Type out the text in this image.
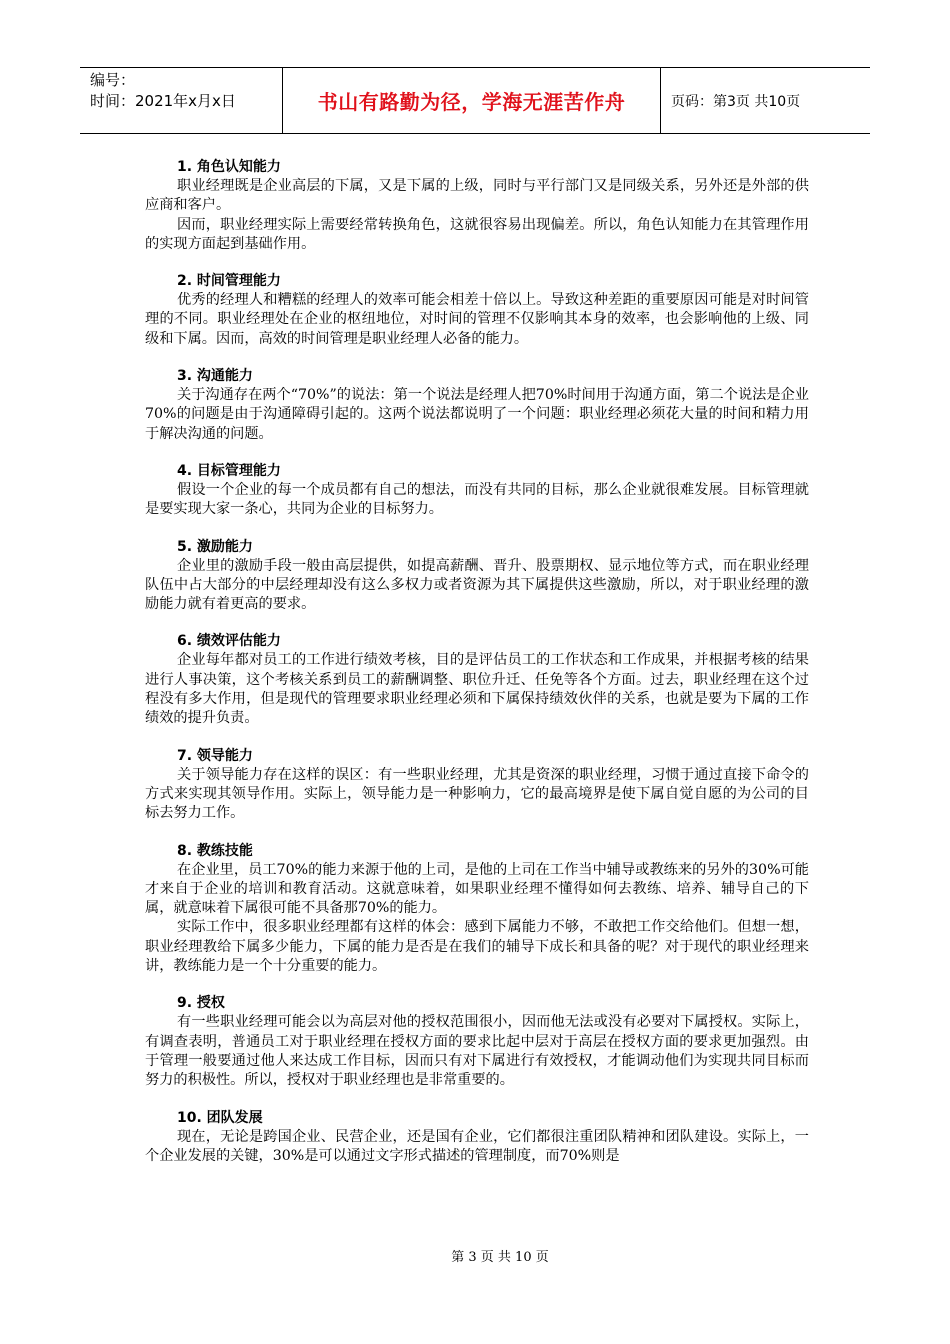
编号：
时间：2021年x月x日	书山有路勤为径，学海无涯苦作舟	页码：第3页 共10页
1. 角色认知能力

职业经理既是企业高层的下属，又是下属的上级，同时与平行部门又是同级关系，另外还是外部的供应商和客户。

因而，职业经理实际上需要经常转换角色，这就很容易出现偏差。所以，角色认知能力在其管理作用的实现方面起到基础作用。

2. 时间管理能力

优秀的经理人和糟糕的经理人的效率可能会相差十倍以上。导致这种差距的重要原因可能是对时间管理的不同。职业经理处在企业的枢纽地位，对时间的管理不仅影响其本身的效率，也会影响他的上级、同级和下属。因而，高效的时间管理是职业经理人必备的能力。

3. 沟通能力

关于沟通存在两个“70%”的说法：第一个说法是经理人把70%时间用于沟通方面，第二个说法是企业70%的问题是由于沟通障碍引起的。这两个说法都说明了一个问题：职业经理必须花大量的时间和精力用于解决沟通的问题。

4. 目标管理能力

假设一个企业的每一个成员都有自己的想法，而没有共同的目标，那么企业就很难发展。目标管理就是要实现大家一条心，共同为企业的目标努力。

5. 激励能力

企业里的激励手段一般由高层提供，如提高薪酬、晋升、股票期权、显示地位等方式，而在职业经理队伍中占大部分的中层经理却没有这么多权力或者资源为其下属提供这些激励，所以，对于职业经理的激励能力就有着更高的要求。

6. 绩效评估能力

企业每年都对员工的工作进行绩效考核，目的是评估员工的工作状态和工作成果，并根据考核的结果进行人事决策，这个考核关系到员工的薪酬调整、职位升迁、任免等各个方面。过去，职业经理在这个过程没有多大作用，但是现代的管理要求职业经理必须和下属保持绩效伙伴的关系，也就是要为下属的工作绩效的提升负责。

7. 领导能力

关于领导能力存在这样的误区：有一些职业经理，尤其是资深的职业经理，习惯于通过直接下命令的方式来实现其领导作用。实际上，领导能力是一种影响力，它的最高境界是使下属自觉自愿的为公司的目标去努力工作。

8. 教练技能

在企业里，员工70%的能力来源于他的上司，是他的上司在工作当中辅导或教练来的另外的30%可能才来自于企业的培训和教育活动。这就意味着，如果职业经理不懂得如何去教练、培养、辅导自己的下属，就意味着下属很可能不具备那70%的能力。

实际工作中，很多职业经理都有这样的体会：感到下属能力不够，不敢把工作交给他们。但想一想，职业经理教给下属多少能力，下属的能力是否是在我们的辅导下成长和具备的呢？对于现代的职业经理来讲，教练能力是一个十分重要的能力。

9. 授权

有一些职业经理可能会以为高层对他的授权范围很小，因而他无法或没有必要对下属授权。实际上，有调查表明，普通员工对于职业经理在授权方面的要求比起中层对于高层在授权方面的要求更加强烈。由于管理一般要通过他人来达成工作目标，因而只有对下属进行有效授权，才能调动他们为实现共同目标而努力的积极性。所以，授权对于职业经理也是非常重要的。

10. 团队发展

现在，无论是跨国企业、民营企业，还是国有企业，它们都很注重团队精神和团队建设。实际上，一个企业发展的关键，30%是可以通过文字形式描述的管理制度，而70%则是

第 3 页 共 10 页
